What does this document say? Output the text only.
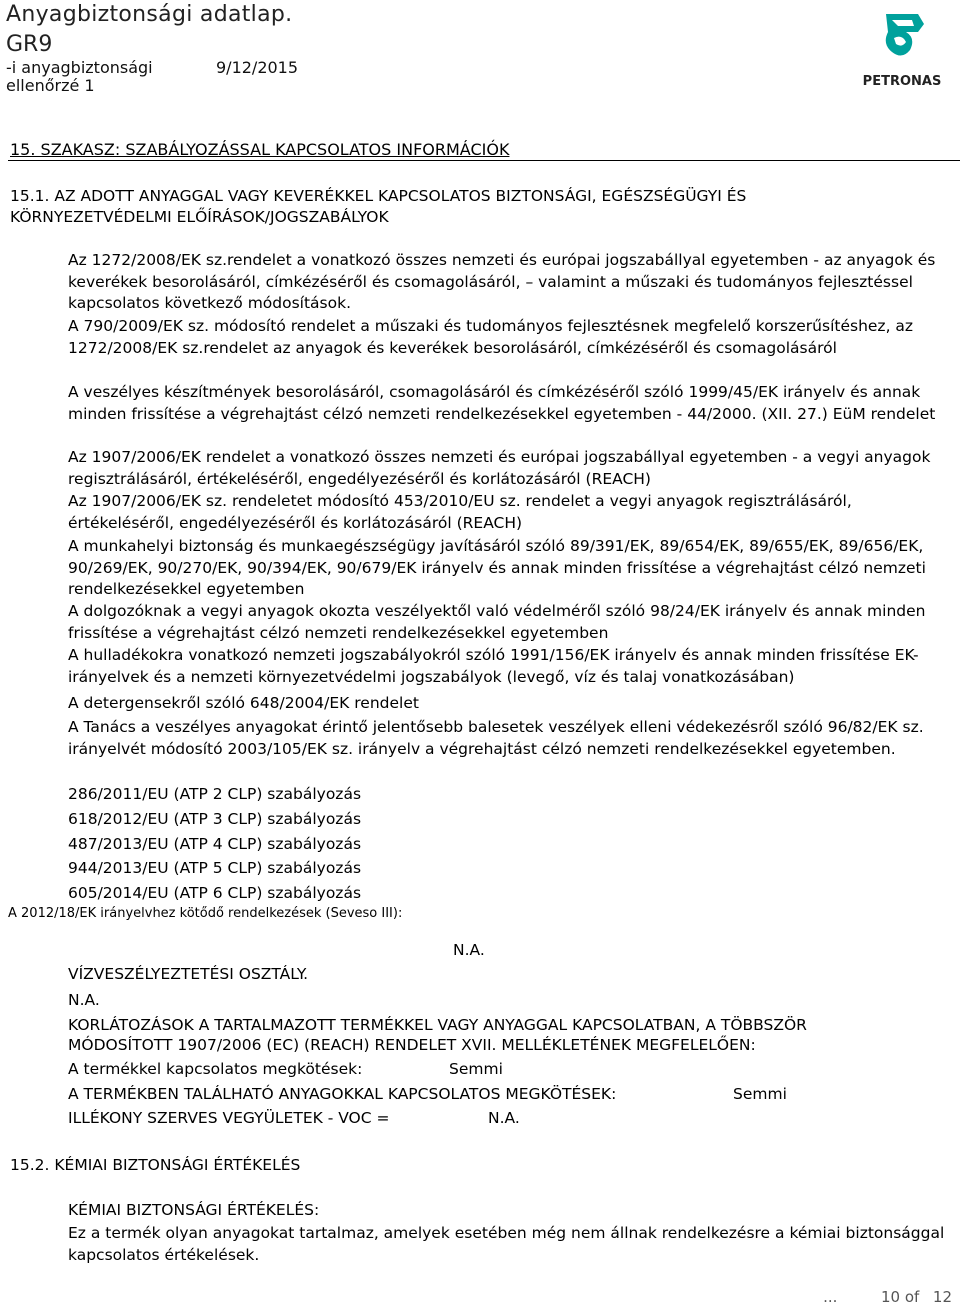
Anyagbiztonsági adatlap.
GR9
-i anyagbiztonsági	9/12/2015
ellenőrzé 1	PETRONAS
15. SZAKASZ: SZABÁLYOZÁSSAL KAPCSOLATOS INFORMÁCIÓK
15.1. AZ ADOTT ANYAGGAL VAGY KEVERÉKKEL KAPCSOLATOS BIZTONSÁGI, EGÉSZSÉGÜGYI ÉS
KÖRNYEZETVÉDELMI ELŐÍRÁSOK/JOGSZABÁLYOK
Az 1272/2008/EK sz.rendelet a vonatkozó összes nemzeti és európai jogszabállyal egyetemben - az anyagok és keverékek besorolásáról, címkézéséről és csomagolásáról, – valamint a műszaki és tudományos fejlesztéssel kapcsolatos következő módosítások.
A 790/2009/EK sz. módosító rendelet a műszaki és tudományos fejlesztésnek megfelelő korszerűsítéshez, az 1272/2008/EK sz.rendelet az anyagok és keverékek besorolásáról, címkézéséről és csomagolásáról
A veszélyes készítmények besorolásáról, csomagolásáról és címkézéséről szóló 1999/45/EK irányelv és annak minden frissítése a végrehajtást célzó nemzeti rendelkezésekkel egyetemben - 44/2000. (XII. 27.) EüM rendelet
Az 1907/2006/EK rendelet a vonatkozó összes nemzeti és európai jogszabállyal egyetemben - a vegyi anyagok regisztrálásáról, értékeléséről, engedélyezéséről és korlátozásáról (REACH)
Az 1907/2006/EK sz. rendeletet módosító 453/2010/EU sz. rendelet a vegyi anyagok regisztrálásáról, értékeléséről, engedélyezéséről és korlátozásáról (REACH)
A munkahelyi biztonság és munkaegészségügy javításáról szóló 89/391/EK, 89/654/EK, 89/655/EK, 89/656/EK, 90/269/EK, 90/270/EK, 90/394/EK, 90/679/EK irányelv és annak minden frissítése a végrehajtást célzó nemzeti rendelkezésekkel egyetemben
A dolgozóknak a vegyi anyagok okozta veszélyektől való védelméről szóló 98/24/EK irányelv és annak minden frissítése a végrehajtást célzó nemzeti rendelkezésekkel egyetemben
A hulladékokra vonatkozó nemzeti jogszabályokról szóló 1991/156/EK irányelv és annak minden frissítése EK-irányelvek és a nemzeti környezetvédelmi jogszabályok (levegő, víz és talaj vonatkozásában)
A detergensekről szóló 648/2004/EK rendelet
A Tanács a veszélyes anyagokat érintő jelentősebb balesetek veszélyek elleni védekezésről szóló 96/82/EK sz. irányelvét módosító 2003/105/EK sz. irányelv a végrehajtást célzó nemzeti rendelkezésekkel egyetemben.
286/2011/EU (ATP 2 CLP) szabályozás
618/2012/EU (ATP 3 CLP) szabályozás
487/2013/EU (ATP 4 CLP) szabályozás
944/2013/EU (ATP 5 CLP) szabályozás
605/2014/EU (ATP 6 CLP) szabályozás
A 2012/18/EK irányelvhez kötődő rendelkezések (Seveso III):
N.A.
VÍZVESZÉLYEZTETÉSI OSZTÁLY.
N.A.
KORLÁTOZÁSOK A TARTALMAZOTT TERMÉKKEL VAGY ANYAGGAL KAPCSOLATBAN, A TÖBBSZÖR
MÓDOSÍTOTT 1907/2006 (EC) (REACH) RENDELET XVII. MELLÉKLETÉNEK MEGFELELŐEN:
A termékkel kapcsolatos megkötések:	Semmi
A TERMÉKBEN TALÁLHATÓ ANYAGOKKAL KAPCSOLATOS MEGKÖTÉSEK:	Semmi
ILLÉKONY SZERVES VEGYÜLETEK - VOC =	N.A.
15.2. KÉMIAI BIZTONSÁGI ÉRTÉKELÉS
KÉMIAI BIZTONSÁGI ÉRTÉKELÉS:
Ez a termék olyan anyagokat tartalmaz, amelyek esetében még nem állnak rendelkezésre a kémiai biztonsággal kapcsolatos értékelések.
...	10 of 12
